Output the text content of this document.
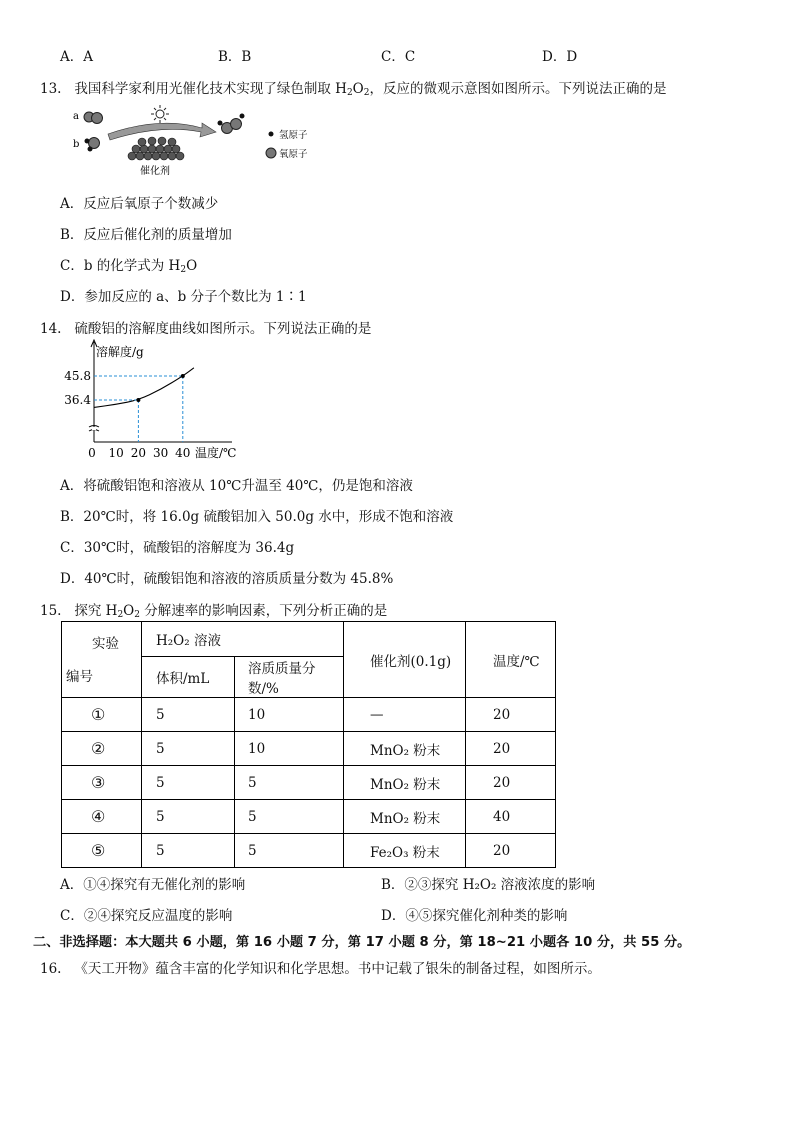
A．A	B．B	C．C	D．D
13. 我国科学家利用光催化技术实现了绿色制取 $H_2O_2$，反应的微观示意图如图所示。下列说法正确的是
a
b
催化剂
氢原子
氧原子
A．反应后氧原子个数减少
B．反应后催化剂的质量增加
C．b 的化学式为 $H_2O$
D．参加反应的 a、b 分子个数比为 1∶1
14. 硫酸铝的溶解度曲线如图所示。下列说法正确的是
溶解度/g
45.8
36.4
0 10 20 30 40 温度/℃
A．将硫酸铝饱和溶液从 10℃升温至 40℃，仍是饱和溶液
B．20℃时，将 16.0g 硫酸铝加入 50.0g 水中，形成不饱和溶液
C．30℃时，硫酸铝的溶解度为 36.4g
D．40℃时，硫酸铝饱和溶液的溶质质量分数为 45.8%
15. 探究 $H_2O_2$ 分解速率的影响因素，下列分析正确的是
实验
编号	H₂O₂ 溶液		催化剂(0.1g)	温度/℃
	体积/mL	溶质质量分数/%		
①	5	10	—	20
②	5	10	MnO₂ 粉末	20
③	5	5	MnO₂ 粉末	20
④	5	5	MnO₂ 粉末	40
⑤	5	5	Fe₂O₃ 粉末	20
A．①④探究有无催化剂的影响	B．②③探究 H₂O₂ 溶液浓度的影响
C．②④探究反应温度的影响	D．④⑤探究催化剂种类的影响
二、非选择题：本大题共 6 小题，第 16 小题 7 分，第 17 小题 8 分，第 18~21 小题各 10 分，共 55 分。
16. 《天工开物》蕴含丰富的化学知识和化学思想。书中记载了银朱的制备过程，如图所示。
